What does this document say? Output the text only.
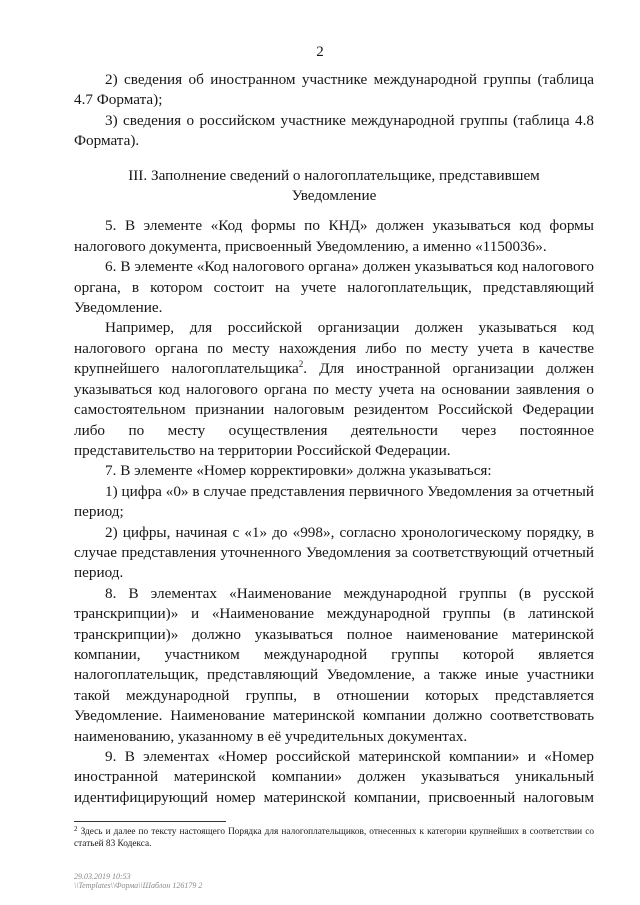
2

2) сведения об иностранном участнике международной группы (таблица 4.7 Формата);

3) сведения о российском участнике международной группы (таблица 4.8 Формата).

III. Заполнение сведений о налогоплательщике, представившем
Уведомление

5. В элементе «Код формы по КНД» должен указываться код формы налогового документа, присвоенный Уведомлению, а именно «1150036».

6. В элементе «Код налогового органа» должен указываться код налогового органа, в котором состоит на учете налогоплательщик, представляющий Уведомление.

Например, для российской организации должен указываться код налогового органа по месту нахождения либо по месту учета в качестве крупнейшего налогоплательщика$^2$. Для иностранной организации должен указываться код налогового органа по месту учета на основании заявления о самостоятельном признании налоговым резидентом Российской Федерации либо по месту осуществления деятельности через постоянное представительство на территории Российской Федерации.

7. В элементе «Номер корректировки» должна указываться:

1) цифра «0» в случае представления первичного Уведомления за отчетный период;

2) цифры, начиная с «1» до «998», согласно хронологическому порядку, в случае представления уточненного Уведомления за соответствующий отчетный период.

8. В элементах «Наименование международной группы (в русской транскрипции)» и «Наименование международной группы (в латинской транскрипции)» должно указываться полное наименование материнской компании, участником международной группы которой является налогоплательщик, представляющий Уведомление, а также иные участники такой международной группы, в отношении которых представляется Уведомление. Наименование материнской компании должно соответствовать наименованию, указанному в её учредительных документах.

9. В элементах «Номер российской материнской компании» и «Номер иностранной материнской компании» должен указываться уникальный идентифицирующий номер материнской компании, присвоенный налоговым

$^2$ Здесь и далее по тексту настоящего Порядка для налогоплательщиков, отнесенных к категории крупнейших в соответствии со статьей 83 Кодекса.
29.03.2019 10:53
\\Templates\\Форма\\Шаблон 126179 2
